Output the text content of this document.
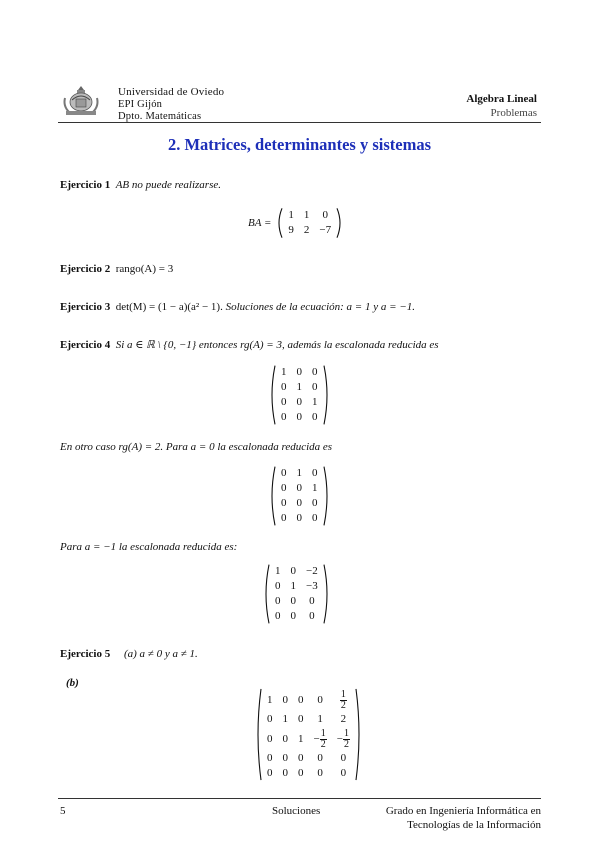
Universidad de Oviedo
EPI Gijón
Dpto. Matemáticas
Algebra Lineal
Problemas
2. Matrices, determinantes y sistemas
Ejercicio 1 AB no puede realizarse.
BA =
1	1	0
9	2	−7
Ejercicio 2 rango(A) = 3
Ejercicio 3 det(M) = (1 − a)(a² − 1). Soluciones de la ecuación: a = 1 y a = −1.
Ejercicio 4 Si a ∈ ℝ \ {0, −1} entonces rg(A) = 3, además la escalonada reducida es
1	0	0
0	1	0
0	0	1
0	0	0
En otro caso rg(A) = 2. Para a = 0 la escalonada reducida es
0	1	0
0	0	1
0	0	0
0	0	0
Para a = −1 la escalonada reducida es:
1	0	−2
0	1	−3
0	0	0
0	0	0
Ejercicio 5 (a) a ≠ 0 y a ≠ 1.
(b)
1	0	0	0	$\frac{1}{2}$

0	1	0	1	2
0	0	1	− $\frac{1}{2}$	− $\frac{1}{2}$

0	0	0	0	0
0	0	0	0	0
5	Soluciones	Grado en Ingeniería Informática en
Tecnologías de la Información
